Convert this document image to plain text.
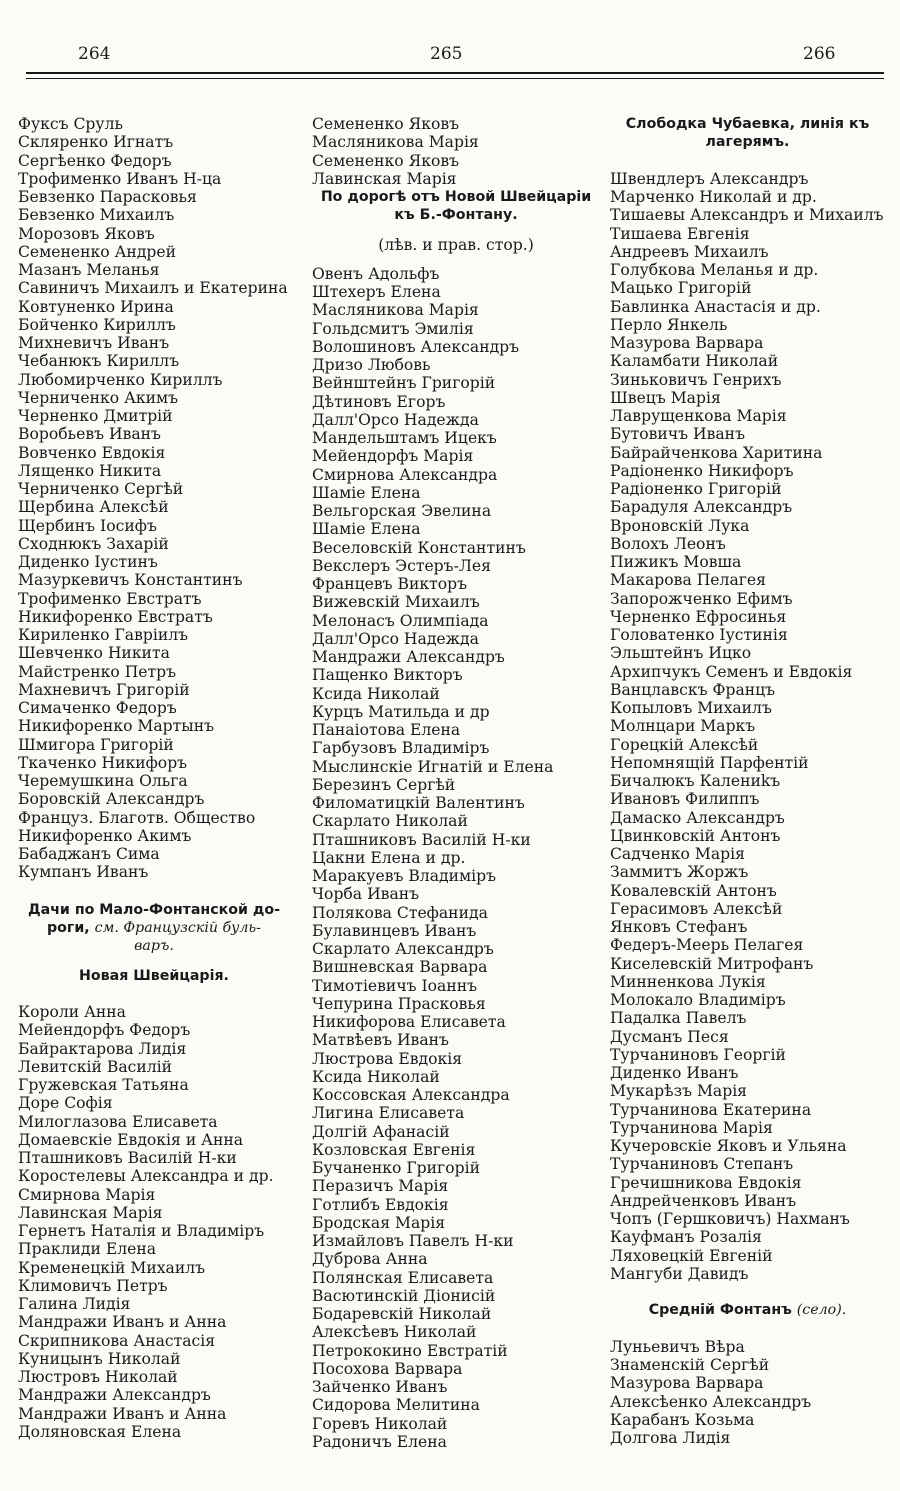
264	265	266
Фуксъ Сруль
Скляренко Игнатъ
Сергѣенко Федоръ
Трофименко Иванъ Н-ца
Бевзенко Парасковья
Бевзенко Михаилъ
Морозовъ Яковъ
Семененко Андрей
Мазанъ Меланья
Савиничъ Михаилъ и Екатерина
Ковтуненко Ирина
Бойченко Кириллъ
Михневичъ Иванъ
Чебанюкъ Кириллъ
Любомирченко Кириллъ
Черниченко Акимъ
Черненко Дмитрій
Воробьевъ Иванъ
Вовченко Евдокія
Лященко Никита
Черниченко Сергѣй
Щербина Алексѣй
Щербинъ Іосифъ
Сходнюкъ Захарій
Диденко Іустинъ
Мазуркевичъ Константинъ
Трофименко Евстратъ
Никифоренко Евстратъ
Кириленко Гавріилъ
Шевченко Никита
Майстренко Петръ
Махневичъ Григорій
Симаченко Федоръ
Никифоренко Мартынъ
Шмигора Григорій
Ткаченко Никифоръ
Черемушкина Ольга
Боровскій Александръ
Француз. Благотв. Общество
Никифоренко Акимъ
Бабаджанъ Сима
Кумпанъ Иванъ
Дачи по Мало-Фонтанской до-
роги, см. Французскій буль-
варъ.
Новая Швейцарія.
Короли Анна
Мейендорфъ Федоръ
Байрактарова Лидія
Левитскій Василій
Гружевская Татьяна
Доре Софія
Милоглазова Елисавета
Домаевскіе Евдокія и Анна
Пташниковъ Василій Н-ки
Коростелевы Александра и др.
Смирнова Марія
Лавинская Марія
Гернетъ Наталія и Владиміръ
Праклиди Елена
Кременецкій Михаилъ
Климовичъ Петръ
Галина Лидія
Мандражи Иванъ и Анна
Скрипникова Анастасія
Куницынъ Николай
Люстровъ Николай
Мандражи Александръ
Мандражи Иванъ и Анна
Доляновская Елена
Семененко Яковъ
Масляникова Марія
Семененко Яковъ
Лавинская Марія
По дорогѣ отъ Новой Швейцаріи
къ Б.-Фонтану.
(лѣв. и прав. стор.)
Овенъ Адольфъ
Штехеръ Елена
Масляникова Марія
Гольдсмитъ Эмилія
Волошиновъ Александръ
Дризо Любовь
Вейнштейнъ Григорій
Дѣтиновъ Егоръ
Далл'Орсо Надежда
Мандельштамъ Ицекъ
Мейендорфъ Марія
Смирнова Александра
Шаміе Елена
Вельгорская Эвелина
Шаміе Елена
Веселовскій Константинъ
Векслеръ Эстеръ-Лея
Францевъ Викторъ
Вижевскій Михаилъ
Мелонасъ Олимпіада
Далл'Орсо Надежда
Мандражи Александръ
Пащенко Викторъ
Ксида Николай
Курцъ Матильда и др
Панаіотова Елена
Гарбузовъ Владиміръ
Мыслинскіе Игнатій и Елена
Березинъ Сергѣй
Филоматицкій Валентинъ
Скарлато Николай
Пташниковъ Василій Н-ки
Цакни Елена и др.
Маракуевъ Владиміръ
Чорба Иванъ
Полякова Стефанида
Булавинцевъ Иванъ
Скарлато Александръ
Вишневская Варвара
Тимотіевичъ Іоаннъ
Чепурина Прасковья
Никифорова Елисавета
Матвѣевъ Иванъ
Люстрова Евдокія
Ксида Николай
Коссовская Александра
Лигина Елисавета
Долгій Афанасій
Козловская Евгенія
Бучаненко Григорій
Перазичъ Марія
Готлибъ Евдокія
Бродская Марія
Измайловъ Павелъ Н-ки
Дуброва Анна
Полянская Елисавета
Васютинскій Діонисій
Бодаревскій Николай
Алексѣевъ Николай
Петрококино Евстратій
Посохова Варвара
Зайченко Иванъ
Сидорова Мелитина
Горевъ Николай
Радоничъ Елена
Слободка Чубаевка, линія къ
лагерямъ.
Швендлеръ Александръ
Марченко Николай и др.
Тишаевы Александръ и Михаилъ
Тишаева Евгенія
Андреевъ Михаилъ
Голубкова Меланья и др.
Мацько Григорій
Бавлинка Анастасія и др.
Перло Янкель
Мазурова Варвара
Каламбати Николай
Зиньковичъ Генрихъ
Швецъ Марія
Лаврущенкова Марія
Бутовичъ Иванъ
Байрайченкова Харитина
Радіоненко Никифоръ
Радіоненко Григорій
Барадуля Александръ
Вроновскій Лука
Волохъ Леонъ
Пижикъ Мовша
Макарова Пелагея
Запорожченко Ефимъ
Черненко Ефросинья
Головатенко Іустинія
Эльштейнъ Ицко
Архипчукъ Семенъ и Евдокія
Ванцлавскъ Францъ
Копыловъ Михаилъ
Молнцари Маркъ
Горецкій Алексѣй
Непомнящій Парфентій
Бичалюкъ Калениkъ
Ивановъ Филиппъ
Дамаско Александръ
Цвинковскій Антонъ
Садченко Марія
Заммитъ Жоржъ
Ковалевскій Антонъ
Герасимовъ Алексѣй
Янковъ Стефанъ
Федеръ-Меерь Пелагея
Киселевскій Митрофанъ
Минненкова Лукія
Молокало Владиміръ
Падалка Павелъ
Дусманъ Песя
Турчаниновъ Георгій
Диденко Иванъ
Мукарѣзъ Марія
Турчанинова Екатерина
Турчанинова Марія
Кучеровскіе Яковъ и Ульяна
Турчаниновъ Степанъ
Гречишникова Евдокія
Андрейченковъ Иванъ
Чопъ (Гершковичъ) Нахманъ
Кауфманъ Розалія
Ляховецкій Евгеній
Мангуби Давидъ
Средній Фонтанъ (село).
Луньевичъ Вѣра
Знаменскій Сергѣй
Мазурова Варвара
Алексѣенко Александръ
Карабанъ Козьма
Долгова Лидія
